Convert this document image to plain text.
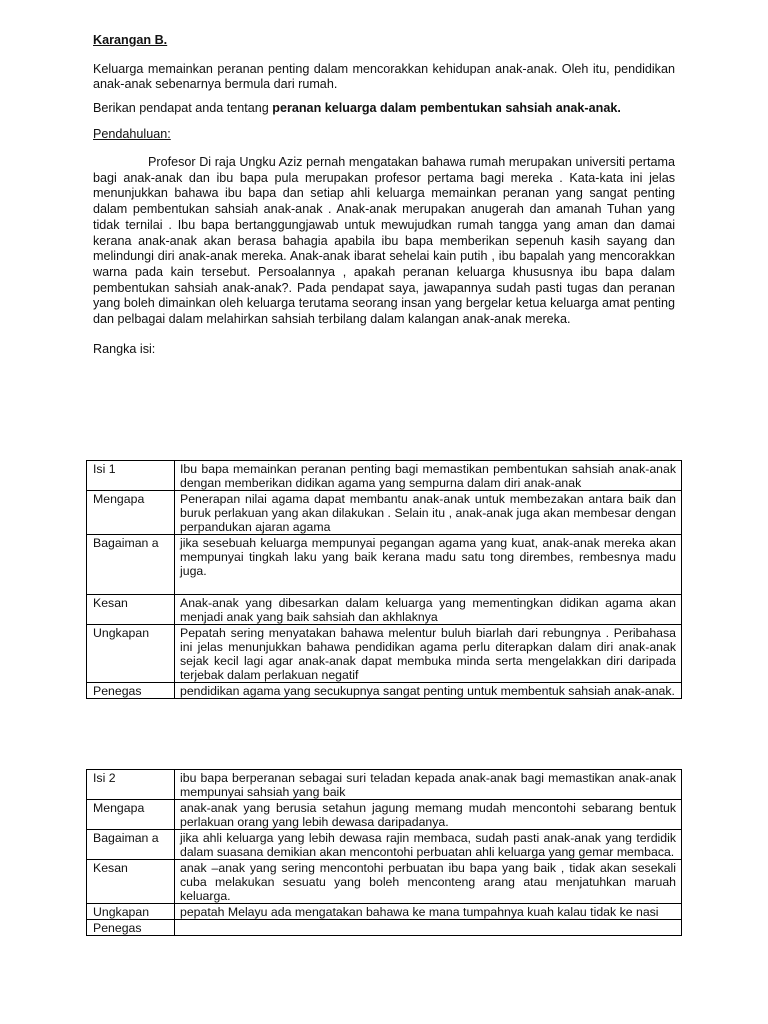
Karangan B.

Keluarga memainkan peranan penting dalam mencorakkan kehidupan anak-anak. Oleh itu, pendidikan anak-anak sebenarnya bermula dari rumah.

Berikan pendapat anda tentang peranan keluarga dalam pembentukan sahsiah anak-anak.

Pendahuluan:

Profesor Di raja Ungku Aziz pernah mengatakan bahawa rumah merupakan universiti pertama bagi anak-anak dan ibu bapa pula merupakan profesor pertama bagi mereka . Kata-kata ini jelas menunjukkan bahawa ibu bapa dan setiap ahli keluarga memainkan peranan yang sangat penting dalam pembentukan sahsiah anak-anak . Anak-anak merupakan anugerah dan amanah Tuhan yang tidak ternilai . Ibu bapa bertanggungjawab untuk mewujudkan rumah tangga yang aman dan damai kerana anak-anak akan berasa bahagia apabila ibu bapa memberikan sepenuh kasih sayang dan melindungi diri anak-anak mereka. Anak-anak ibarat sehelai kain putih , ibu bapalah yang mencorakkan warna pada kain tersebut. Persoalannya , apakah peranan keluarga khususnya ibu bapa dalam pembentukan sahsiah anak-anak?. Pada pendapat saya, jawapannya sudah pasti tugas dan peranan yang boleh dimainkan oleh keluarga terutama seorang insan yang bergelar ketua keluarga amat penting dan pelbagai dalam melahirkan sahsiah terbilang dalam kalangan anak-anak mereka.

Rangka isi:
Isi 1	Ibu bapa memainkan peranan penting bagi memastikan pembentukan sahsiah anak-anak dengan memberikan didikan agama yang sempurna dalam diri anak-anak
Mengapa	Penerapan nilai agama dapat membantu anak-anak untuk membezakan antara baik dan buruk perlakuan yang akan dilakukan . Selain itu , anak-anak juga akan membesar dengan perpandukan ajaran agama
Bagaiman a	jika sesebuah keluarga mempunyai pegangan agama yang kuat, anak-anak mereka akan mempunyai tingkah laku yang baik kerana madu satu tong dirembes, rembesnya madu juga.
Kesan	Anak-anak yang dibesarkan dalam keluarga yang mementingkan didikan agama akan menjadi anak yang baik sahsiah dan akhlaknya
Ungkapan	Pepatah sering menyatakan bahawa melentur buluh biarlah dari rebungnya . Peribahasa ini jelas menunjukkan bahawa pendidikan agama perlu diterapkan dalam diri anak-anak sejak kecil lagi agar anak-anak dapat membuka minda serta mengelakkan diri daripada terjebak dalam perlakuan negatif
Penegas	pendidikan agama yang secukupnya sangat penting untuk membentuk sahsiah anak-anak.
Isi 2	ibu bapa berperanan sebagai suri teladan kepada anak-anak bagi memastikan anak-anak mempunyai sahsiah yang baik
Mengapa	anak-anak yang berusia setahun jagung memang mudah mencontohi sebarang bentuk perlakuan orang yang lebih dewasa daripadanya.
Bagaiman a	jika ahli keluarga yang lebih dewasa rajin membaca, sudah pasti anak-anak yang terdidik dalam suasana demikian akan mencontohi perbuatan ahli keluarga yang gemar membaca.
Kesan	anak –anak yang sering mencontohi perbuatan ibu bapa yang baik , tidak akan sesekali cuba melakukan sesuatu yang boleh menconteng arang atau menjatuhkan maruah keluarga.
Ungkapan	pepatah Melayu ada mengatakan bahawa ke mana tumpahnya kuah kalau tidak ke nasi
Penegas	
